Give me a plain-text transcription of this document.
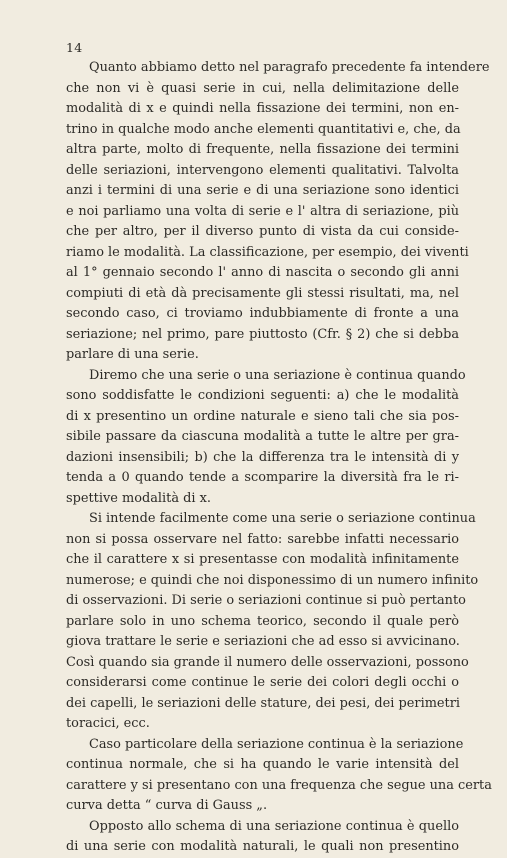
14
Quanto abbiamo detto nel paragrafo precedente fa intendere
che non vi è quasi serie in cui, nella delimitazione delle
modalità di x e quindi nella fissazione dei termini, non en-
trino in qualche modo anche elementi quantitativi e, che, da
altra parte, molto di frequente, nella fissazione dei termini
delle seriazioni, intervengono elementi qualitativi. Talvolta
anzi i termini di una serie e di una seriazione sono identici
e noi parliamo una volta di serie e l' altra di seriazione, più
che per altro, per il diverso punto di vista da cui conside-
riamo le modalità. La classificazione, per esempio, dei viventi
al 1° gennaio secondo l' anno di nascita o secondo gli anni
compiuti di età dà precisamente gli stessi risultati, ma, nel
secondo caso, ci troviamo indubbiamente di fronte a una
seriazione; nel primo, pare piuttosto (Cfr. § 2) che si debba
parlare di una serie.
Diremo che una serie o una seriazione è continua quando
sono soddisfatte le condizioni seguenti: a) che le modalità
di x presentino un ordine naturale e sieno tali che sia pos-
sibile passare da ciascuna modalità a tutte le altre per gra-
dazioni insensibili; b) che la differenza tra le intensità di y
tenda a 0 quando tende a scomparire la diversità fra le ri-
spettive modalità di x.
Si intende facilmente come una serie o seriazione continua
non si possa osservare nel fatto: sarebbe infatti necessario
che il carattere x si presentasse con modalità infinitamente
numerose; e quindi che noi disponessimo di un numero infinito
di osservazioni. Di serie o seriazioni continue si può pertanto
parlare solo in uno schema teorico, secondo il quale però
giova trattare le serie e seriazioni che ad esso si avvicinano.
Così quando sia grande il numero delle osservazioni, possono
considerarsi come continue le serie dei colori degli occhi o
dei capelli, le seriazioni delle stature, dei pesi, dei perimetri
toracici, ecc.
Caso particolare della seriazione continua è la seriazione
continua normale, che si ha quando le varie intensità del
carattere y si presentano con una frequenza che segue una certa
curva detta “ curva di Gauss „.
Opposto allo schema di una seriazione continua è quello
di una serie con modalità naturali, le quali non presentino
